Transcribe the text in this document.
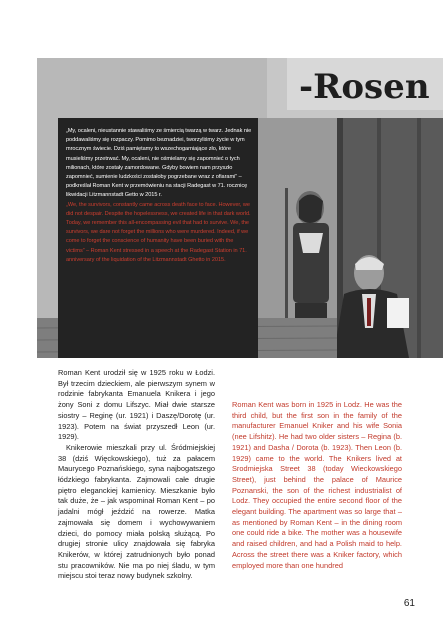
-Rosen

„My, ocaleni, nieustannie stawaliśmy ze śmiercią twarzą w twarz. Jednak nie poddawaliśmy się rozpaczy. Pomimo beznadziei, tworzyliśmy życie w tym mrocznym świecie. Dziś pamiętamy to wszechogarniające zło, które musieliśmy przetrwać. My, ocaleni, nie ośmielamy się zapomnieć o tych milionach, które zostały zamordowane. Gdyby bowiem nam przyszło zapomnieć, sumienie ludzkości zostałoby pogrzebane wraz z ofiarami” – podkreślał Roman Kent w przemówieniu na stacji Radegast w 71. rocznicę likwidacji Litzmannstadt Getto w 2015 r.

„We, the survivors, constantly came across death face to face. However, we did not despair. Despite the hopelessness, we created life in that dark world. Today, we remember this all-encompassing evil that had to survive. We, the survivors, we dare not forget the millions who were murdered. Indeed, if we come to forget the conscience of humanity have been buried with the victims” – Roman Kent stressed in a speech at the Radegast Station in 71. anniversary of the liquidation of the Litzmannstadt Ghetto in 2015.

Roman Kent urodził się w 1925 roku w Łodzi. Był trzecim dzieckiem, ale pierwszym synem w rodzinie fabrykanta Emanuela Knikera i jego żony Soni z domu Lifszyc. Miał dwie starsze siostry – Reginę (ur. 1921) i Daszę/Dorotę (ur. 1923). Potem na świat przyszedł Leon (ur. 1929).

Knikerowie mieszkali przy ul. Śródmiejskiej 38 (dziś Więckowskiego), tuż za pałacem Maurycego Poznańskiego, syna najbogatszego łódzkiego fabrykanta. Zajmowali całe drugie piętro eleganckiej kamienicy. Mieszkanie było tak duże, że – jak wspominał Roman Kent – po jadalni mógł jeździć na rowerze. Matka zajmowała się domem i wychowywaniem dzieci, do pomocy miała polską służącą. Po drugiej stronie ulicy znajdowała się fabryka Knikerów, w której zatrudnionych było ponad stu pracowników. Nie ma po niej śladu, w tym miejscu stoi teraz nowy budynek szkolny.

Roman Kent was born in 1925 in Lodz. He was the third child, but the first son in the family of the manufacturer Emanuel Kniker and his wife Sonia (nee Lifshitz). He had two older sisters – Regina (b. 1921) and Dasha / Dorota (b. 1923). Then Leon (b. 1929) came to the world. The Knikers lived at Srodmiejska Street 38 (today Wieckowskiego Street), just behind the palace of Maurice Poznanski, the son of the richest industrialist of Lodz. They occupied the entire second floor of the elegant building. The apartment was so large that – as mentioned by Roman Kent – in the dining room one could ride a bike. The mother was a housewife and raised children, and had a Polish maid to help. Across the street there was a Kniker factory, which employed more than one hundred

61
